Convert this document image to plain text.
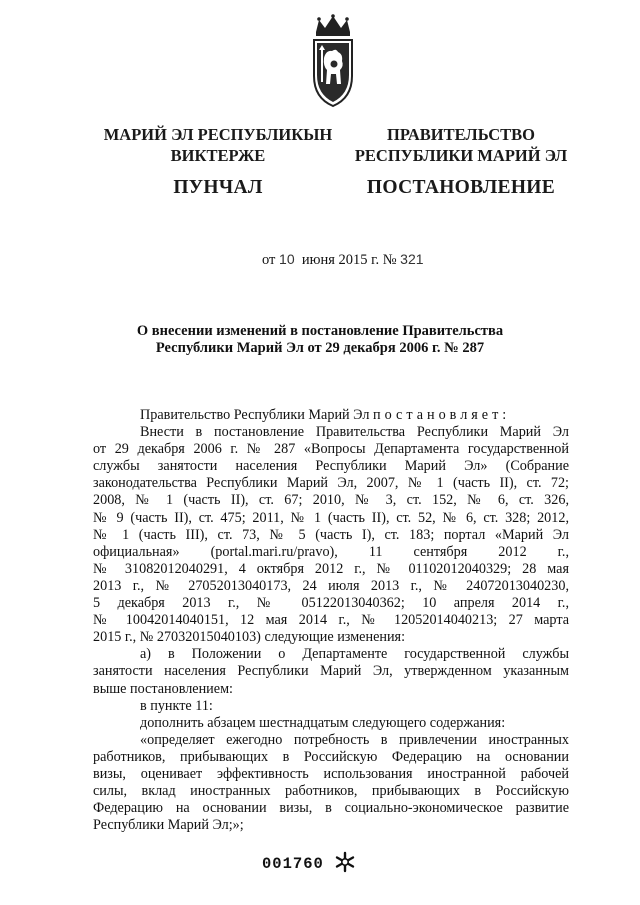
МАРИЙ ЭЛ РЕСПУБЛИКЫН
ВИКТЕРЖЕ
ПУНЧАЛ
ПРАВИТЕЛЬСТВО
РЕСПУБЛИКИ МАРИЙ ЭЛ
ПОСТАНОВЛЕНИЕ
от 10 июня 2015 г. № 321
О внесении изменений в постановление Правительства
Республики Марий Эл от 29 декабря 2006 г. № 287
Правительство Республики Марий Эл постановляет:
Внести в постановление Правительства Республики Марий Эл
от 29 декабря 2006 г. № 287 «Вопросы Департамента государственной
службы занятости населения Республики Марий Эл» (Собрание
законодательства Республики Марий Эл, 2007, № 1 (часть II), ст. 72;
2008, № 1 (часть II), ст. 67; 2010, № 3, ст. 152, № 6, ст. 326,
№ 9 (часть II), ст. 475; 2011, № 1 (часть II), ст. 52, № 6, ст. 328; 2012,
№ 1 (часть III), ст. 73, № 5 (часть I), ст. 183; портал «Марий Эл
официальная» (portal.mari.ru/pravo), 11 сентября 2012 г.,
№ 31082012040291, 4 октября 2012 г., № 01102012040329; 28 мая
2013 г., № 27052013040173, 24 июля 2013 г., № 24072013040230,
5 декабря 2013 г., № 05122013040362; 10 апреля 2014 г.,
№ 10042014040151, 12 мая 2014 г., № 12052014040213; 27 марта
2015 г., № 27032015040103) следующие изменения:
а) в Положении о Департаменте государственной службы
занятости населения Республики Марий Эл, утвержденном указанным
выше постановлением:
в пункте 11:
дополнить абзацем шестнадцатым следующего содержания:
«определяет ежегодно потребность в привлечении иностранных
работников, прибывающих в Российскую Федерацию на основании
визы, оценивает эффективность использования иностранной рабочей
силы, вклад иностранных работников, прибывающих в Российскую
Федерацию на основании визы, в социально-экономическое развитие
Республики Марий Эл;»;
001760
